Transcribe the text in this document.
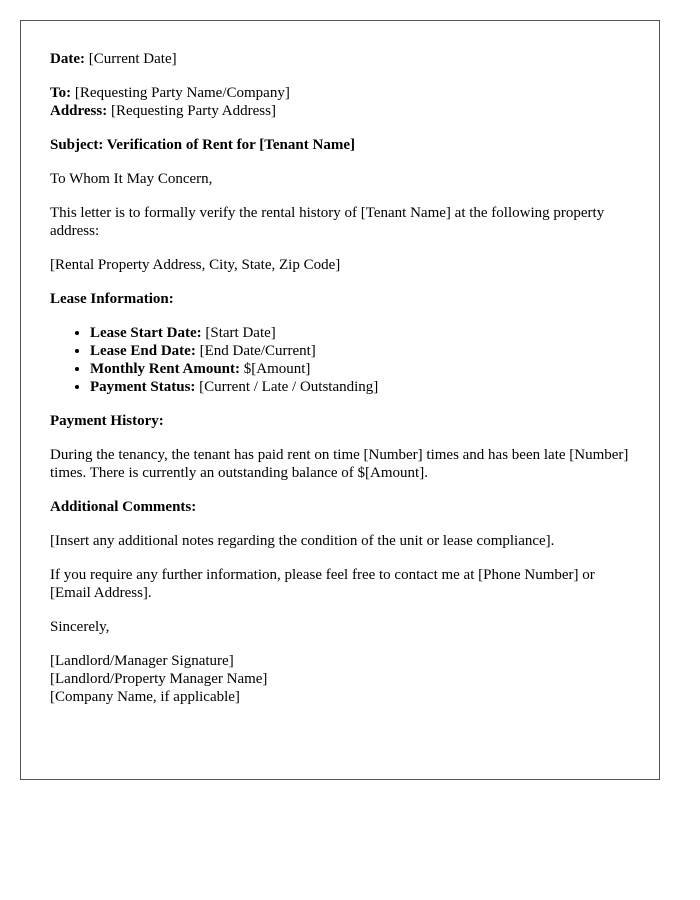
Date: [Current Date]
To: [Requesting Party Name/Company]
Address: [Requesting Party Address]
Subject: Verification of Rent for [Tenant Name]
To Whom It May Concern,
This letter is to formally verify the rental history of [Tenant Name] at the following property address:
[Rental Property Address, City, State, Zip Code]
Lease Information:
• Lease Start Date: [Start Date]
• Lease End Date: [End Date/Current]
• Monthly Rent Amount: $[Amount]
• Payment Status: [Current / Late / Outstanding]
Payment History:
During the tenancy, the tenant has paid rent on time [Number] times and has been late [Number] times. There is currently an outstanding balance of $[Amount].
Additional Comments:
[Insert any additional notes regarding the condition of the unit or lease compliance].
If you require any further information, please feel free to contact me at [Phone Number] or [Email Address].
Sincerely,
[Landlord/Manager Signature]
[Landlord/Property Manager Name]
[Company Name, if applicable]
